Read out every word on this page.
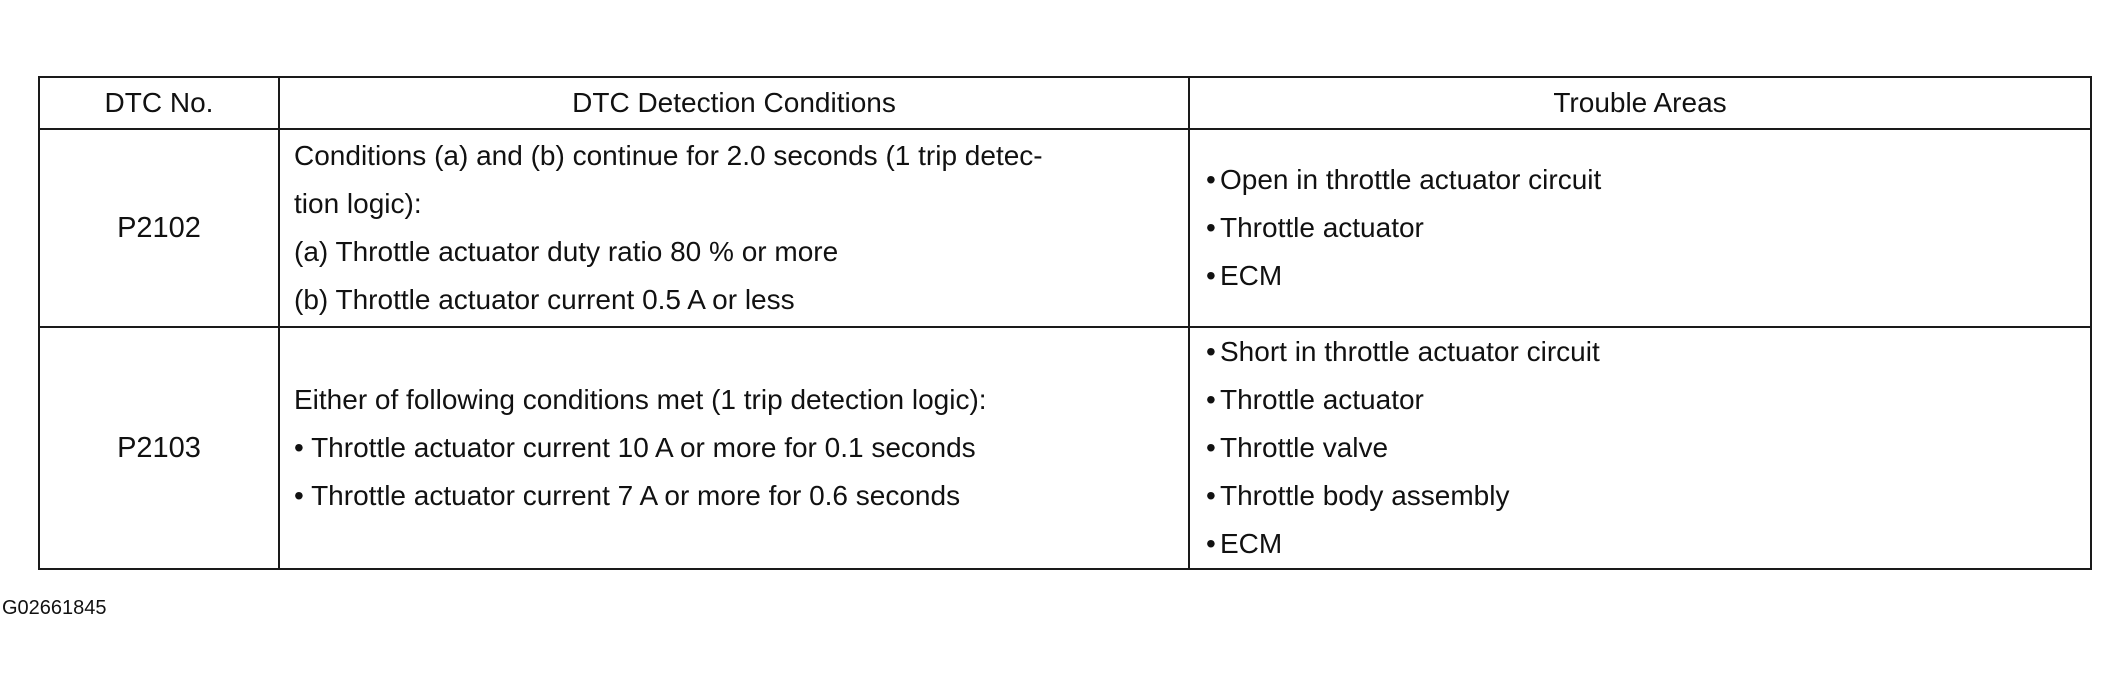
DTC No.	DTC Detection Conditions	Trouble Areas
P2102	Conditions (a) and (b) continue for 2.0 seconds (1 trip detec-
tion logic):
(a) Throttle actuator duty ratio 80 % or more
(b) Throttle actuator current 0.5 A or less	• Open in throttle actuator circuit
• Throttle actuator
• ECM

P2103	Either of following conditions met (1 trip detection logic):
• Throttle actuator current 10 A or more for 0.1 seconds
• Throttle actuator current 7 A or more for 0.6 seconds	• Short in throttle actuator circuit
• Throttle actuator
• Throttle valve
• Throttle body assembly
• ECM
G02661845
